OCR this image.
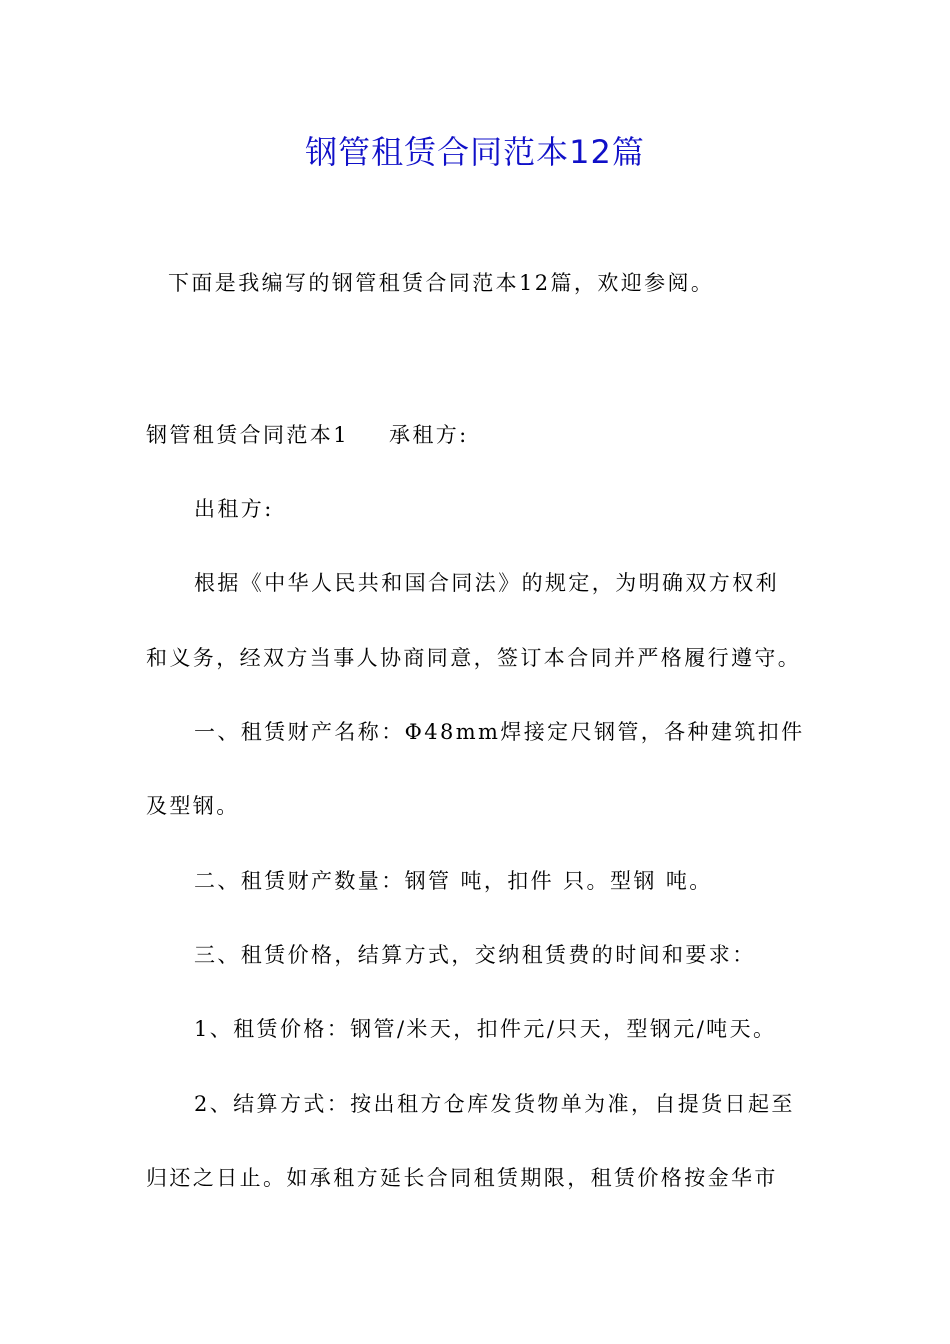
钢管租赁合同范本12篇
下面是我编写的钢管租赁合同范本12篇，欢迎参阅。
钢管租赁合同范本1 承租方:
出租方:
根据《中华人民共和国合同法》的规定，为明确双方权利
和义务，经双方当事人协商同意，签订本合同并严格履行遵守。
一、租赁财产名称：Φ48mm焊接定尺钢管，各种建筑扣件
及型钢。
二、租赁财产数量：钢管 吨，扣件 只。型钢 吨。
三、租赁价格，结算方式，交纳租赁费的时间和要求：
1、租赁价格：钢管/米天，扣件元/只天，型钢元/吨天。
2、结算方式：按出租方仓库发货物单为准，自提货日起至
归还之日止。如承租方延长合同租赁期限，租赁价格按金华市
